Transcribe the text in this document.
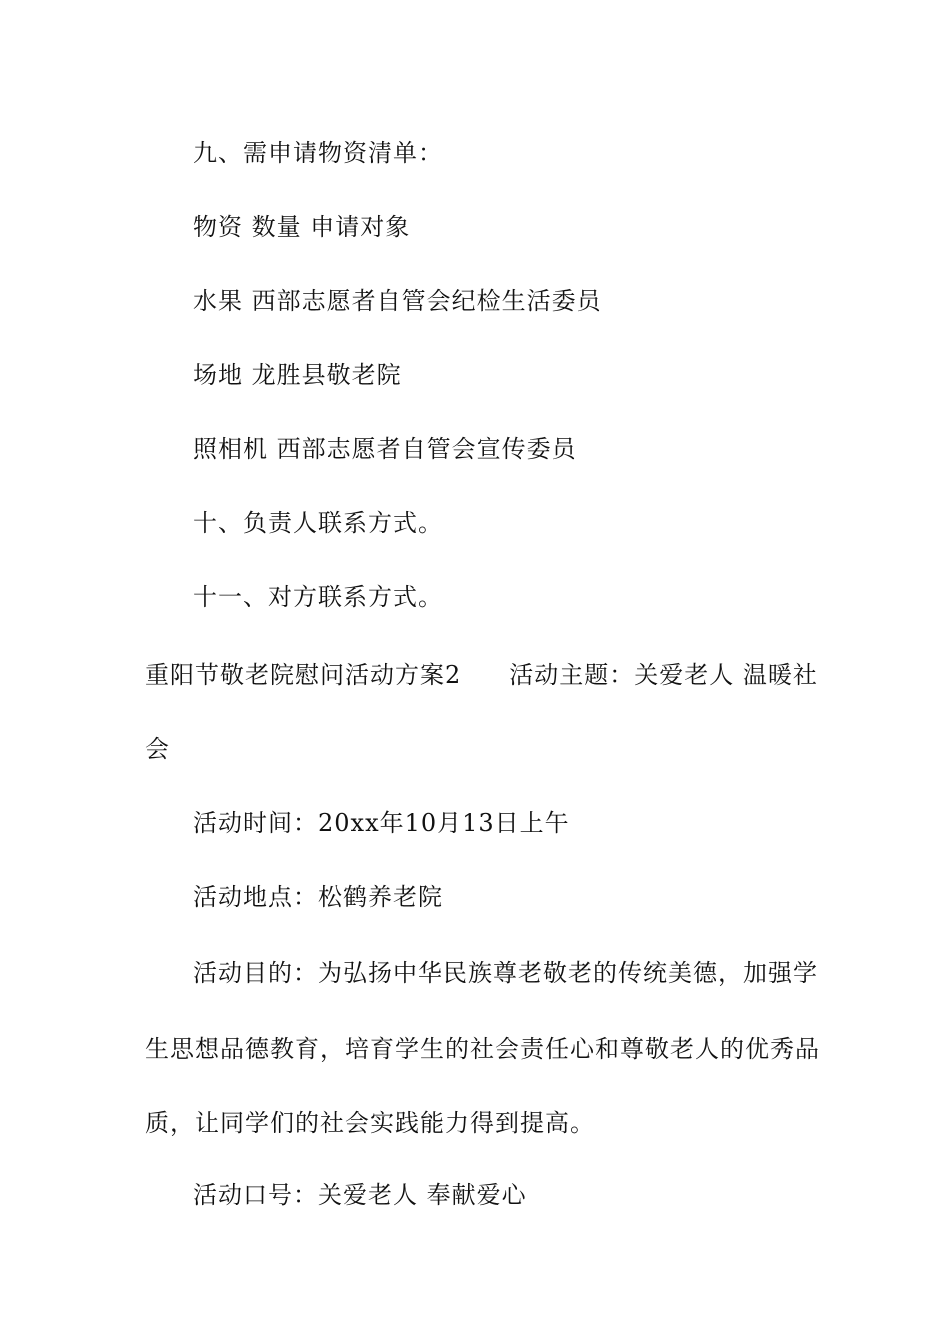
九、需申请物资清单：
物资 数量 申请对象
水果 西部志愿者自管会纪检生活委员
场地 龙胜县敬老院
照相机 西部志愿者自管会宣传委员
十、负责人联系方式。
十一、对方联系方式。
重阳节敬老院慰问活动方案2 活动主题：关爱老人 温暖社
会
活动时间：20xx年10月13日上午
活动地点：松鹤养老院
活动目的：为弘扬中华民族尊老敬老的传统美德，加强学
生思想品德教育，培育学生的社会责任心和尊敬老人的优秀品
质，让同学们的社会实践能力得到提高。
活动口号：关爱老人 奉献爱心
